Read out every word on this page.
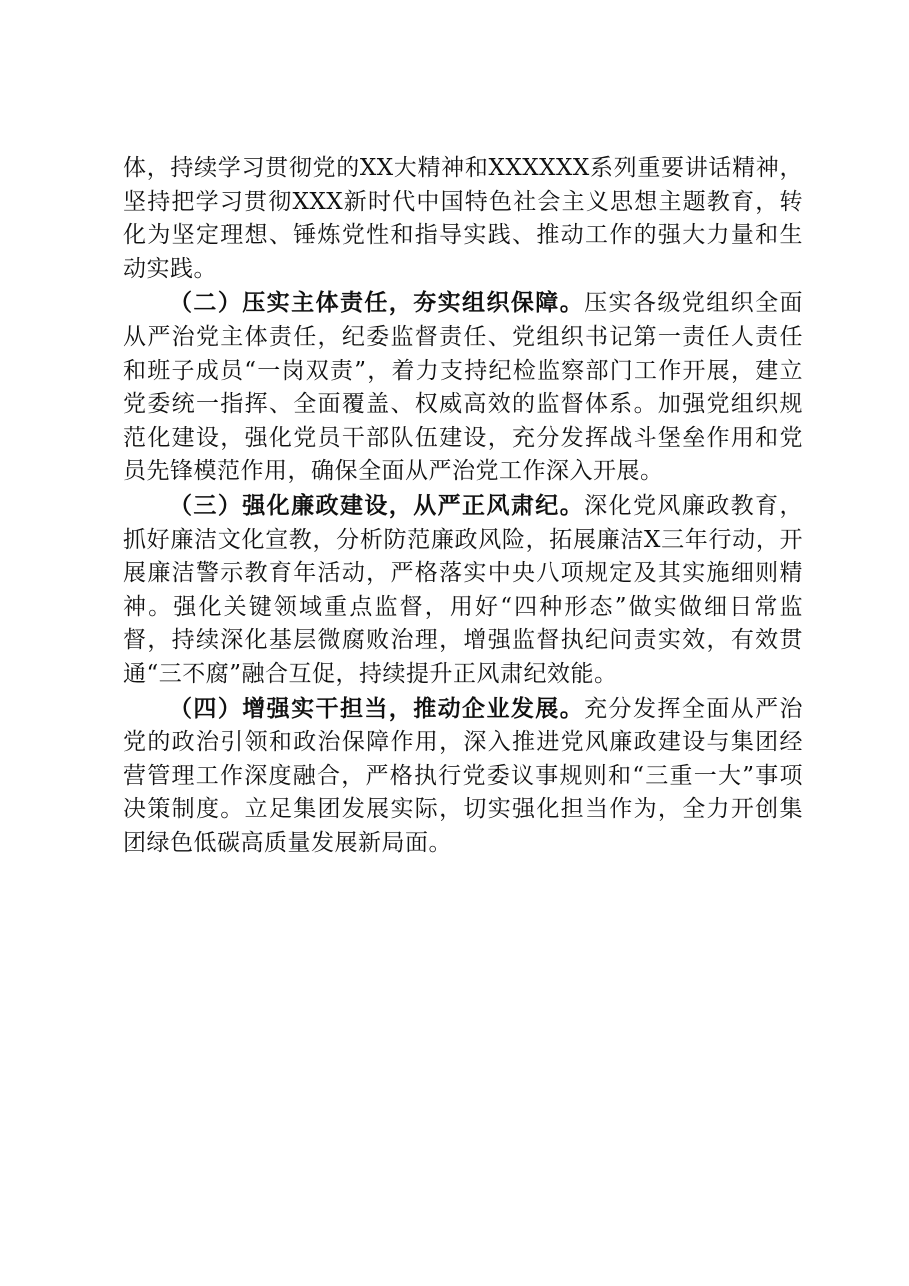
体，持续学习贯彻党的XX大精神和XXXXXX系列重要讲话精神，坚持把学习贯彻XXX新时代中国特色社会主义思想主题教育，转化为坚定理想、锤炼党性和指导实践、推动工作的强大力量和生动实践。

（二）压实主体责任，夯实组织保障。压实各级党组织全面从严治党主体责任，纪委监督责任、党组织书记第一责任人责任和班子成员“一岗双责”，着力支持纪检监察部门工作开展，建立党委统一指挥、全面覆盖、权威高效的监督体系。加强党组织规范化建设，强化党员干部队伍建设，充分发挥战斗堡垒作用和党员先锋模范作用，确保全面从严治党工作深入开展。

（三）强化廉政建设，从严正风肃纪。深化党风廉政教育，抓好廉洁文化宣教，分析防范廉政风险，拓展廉洁X三年行动，开展廉洁警示教育年活动，严格落实中央八项规定及其实施细则精神。强化关键领域重点监督，用好“四种形态”做实做细日常监督，持续深化基层微腐败治理，增强监督执纪问责实效，有效贯通“三不腐”融合互促，持续提升正风肃纪效能。

（四）增强实干担当，推动企业发展。充分发挥全面从严治党的政治引领和政治保障作用，深入推进党风廉政建设与集团经营管理工作深度融合，严格执行党委议事规则和“三重一大”事项决策制度。立足集团发展实际，切实强化担当作为，全力开创集团绿色低碳高质量发展新局面。
